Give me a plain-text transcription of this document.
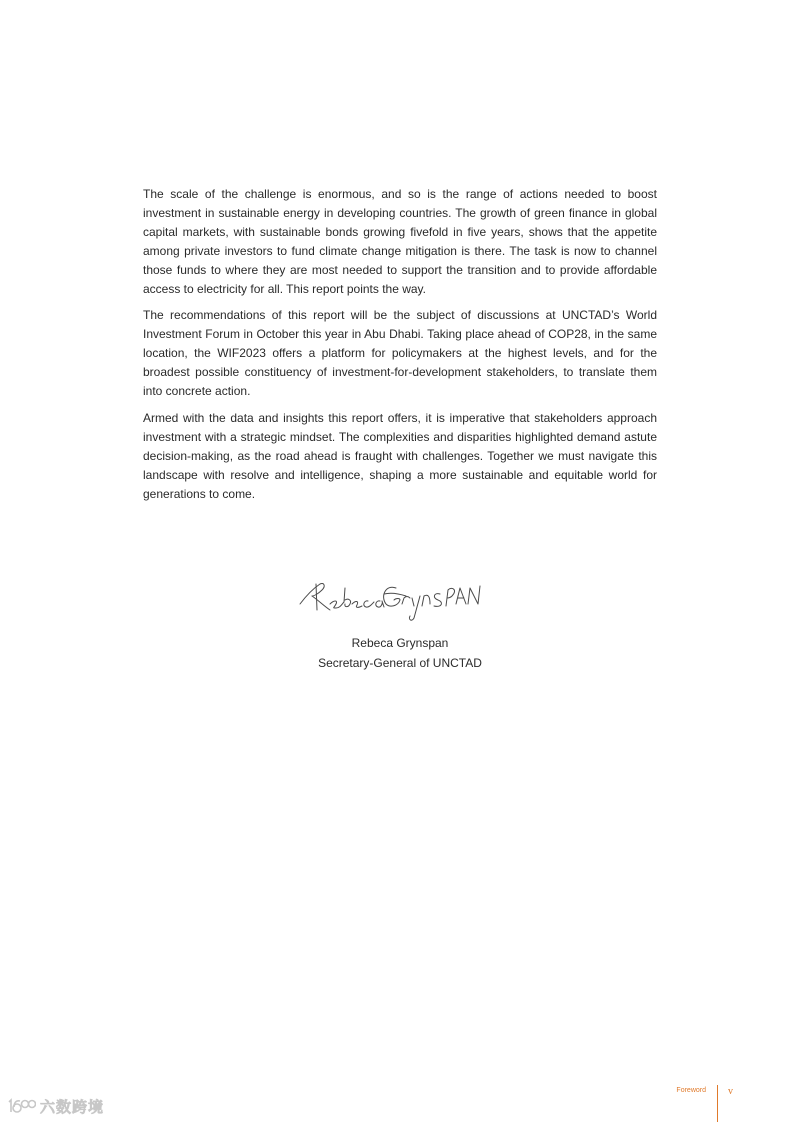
The scale of the challenge is enormous, and so is the range of actions needed to boost investment in sustainable energy in developing countries. The growth of green finance in global capital markets, with sustainable bonds growing fivefold in five years, shows that the appetite among private investors to fund climate change mitigation is there. The task is now to channel those funds to where they are most needed to support the transition and to provide affordable access to electricity for all. This report points the way.

The recommendations of this report will be the subject of discussions at UNCTAD’s World Investment Forum in October this year in Abu Dhabi. Taking place ahead of COP28, in the same location, the WIF2023 offers a platform for policymakers at the highest levels, and for the broadest possible constituency of investment-for-development stakeholders, to translate them into concrete action.

Armed with the data and insights this report offers, it is imperative that stakeholders approach investment with a strategic mindset. The complexities and disparities highlighted demand astute decision-making, as the road ahead is fraught with challenges. Together we must navigate this landscape with resolve and intelligence, shaping a more sustainable and equitable world for generations to come.

Rebeca Grynspan
Secretary-General of UNCTAD
Foreword v
六数跨境
